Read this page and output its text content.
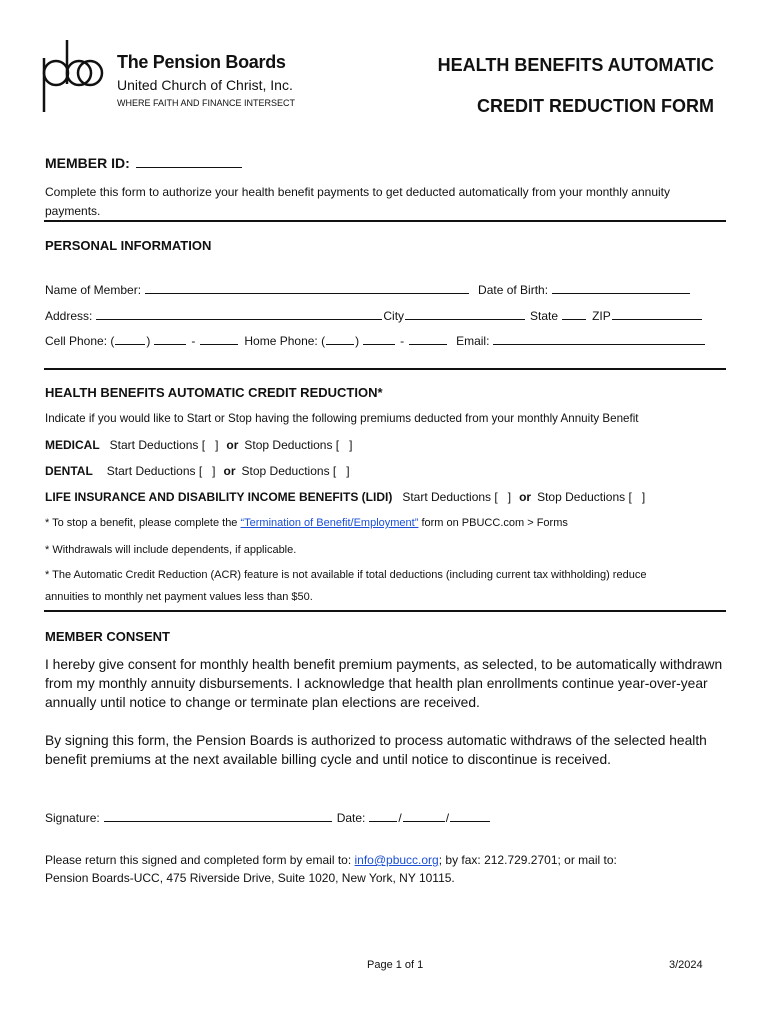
The Pension Boards
United Church of Christ, Inc.
WHERE FAITH AND FINANCE INTERSECT
HEALTH BENEFITS AUTOMATIC
CREDIT REDUCTION FORM
MEMBER ID:
Complete this form to authorize your health benefit payments to get deducted automatically from your monthly annuity payments.
PERSONAL INFORMATION
Name of Member:	Date of Birth:
Address:	City	State	ZIP
Cell Phone: (	)	-	Home Phone: (	)	-	Email:
HEALTH BENEFITS AUTOMATIC CREDIT REDUCTION*
Indicate if you would like to Start or Stop having the following premiums deducted from your monthly Annuity Benefit
MEDICAL Start Deductions [ ] or Stop Deductions [ ]
DENTAL Start Deductions [ ] or Stop Deductions [ ]
LIFE INSURANCE AND DISABILITY INCOME BENEFITS (LIDI) Start Deductions [ ] or Stop Deductions [ ]
* To stop a benefit, please complete the “Termination of Benefit/Employment” form on PBUCC.com > Forms
* Withdrawals will include dependents, if applicable.
* The Automatic Credit Reduction (ACR) feature is not available if total deductions (including current tax withholding) reduce
annuities to monthly net payment values less than $50.
MEMBER CONSENT
I hereby give consent for monthly health benefit premium payments, as selected, to be automatically withdrawn from my monthly annuity disbursements. I acknowledge that health plan enrollments continue year-over-year annually until notice to change or terminate plan elections are received.
By signing this form, the Pension Boards is authorized to process automatic withdraws of the selected health benefit premiums at the next available billing cycle and until notice to discontinue is received.
Signature:	Date:	/	/
Please return this signed and completed form by email to: info@pbucc.org ; by fax: 212.729.2701; or mail to:
Pension Boards-UCC, 475 Riverside Drive, Suite 1020, New York, NY 10115.
Page 1 of 1	3/2024
